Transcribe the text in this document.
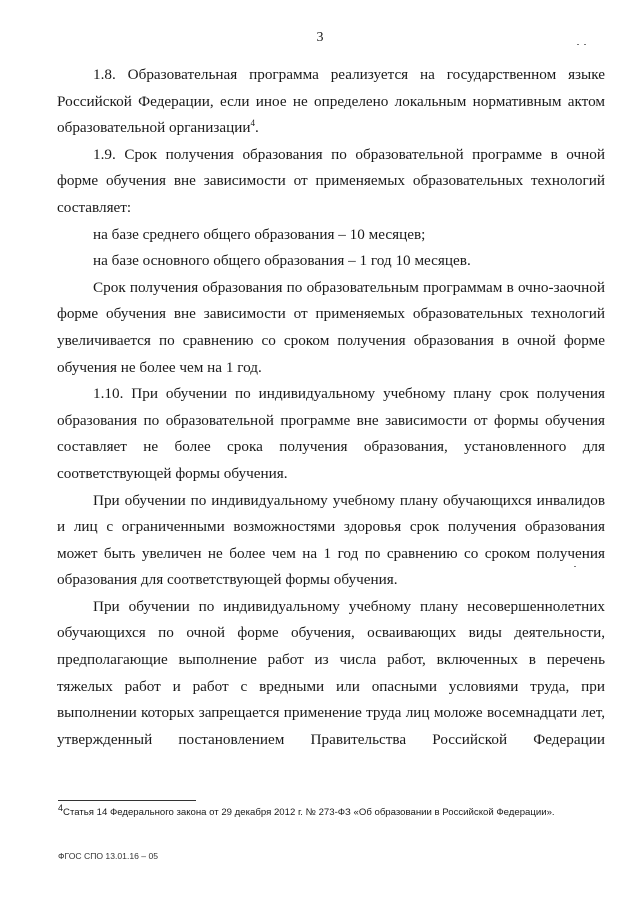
3

1.8. Образовательная программа реализуется на государственном языке Российской Федерации, если иное не определено локальным нормативным актом образовательной организации$^4$.

1.9. Срок получения образования по образовательной программе в очной форме обучения вне зависимости от применяемых образовательных технологий составляет:

на базе среднего общего образования – 10 месяцев;

на базе основного общего образования – 1 год 10 месяцев.

Срок получения образования по образовательным программам в очно-заочной форме обучения вне зависимости от применяемых образовательных технологий увеличивается по сравнению со сроком получения образования в очной форме обучения не более чем на 1 год.

1.10. При обучении по индивидуальному учебному плану срок получения образования по образовательной программе вне зависимости от формы обучения составляет не более срока получения образования, установленного для соответствующей формы обучения.

При обучении по индивидуальному учебному плану обучающихся инвалидов и лиц с ограниченными возможностями здоровья срок получения образования может быть увеличен не более чем на 1 год по сравнению со сроком получения образования для соответствующей формы обучения.

При обучении по индивидуальному учебному плану несовершеннолетних обучающихся по очной форме обучения, осваивающих виды деятельности, предполагающие выполнение работ из числа работ, включенных в перечень тяжелых работ и работ с вредными или опасными условиями труда, при выполнении которых запрещается применение труда лиц моложе восемнадцати лет, утвержденный постановлением Правительства Российской Федерации

$^4$Статья 14 Федерального закона от 29 декабря 2012 г. № 273-ФЗ «Об образовании в Российской Федерации».
ФГОС СПО 13.01.16 – 05
